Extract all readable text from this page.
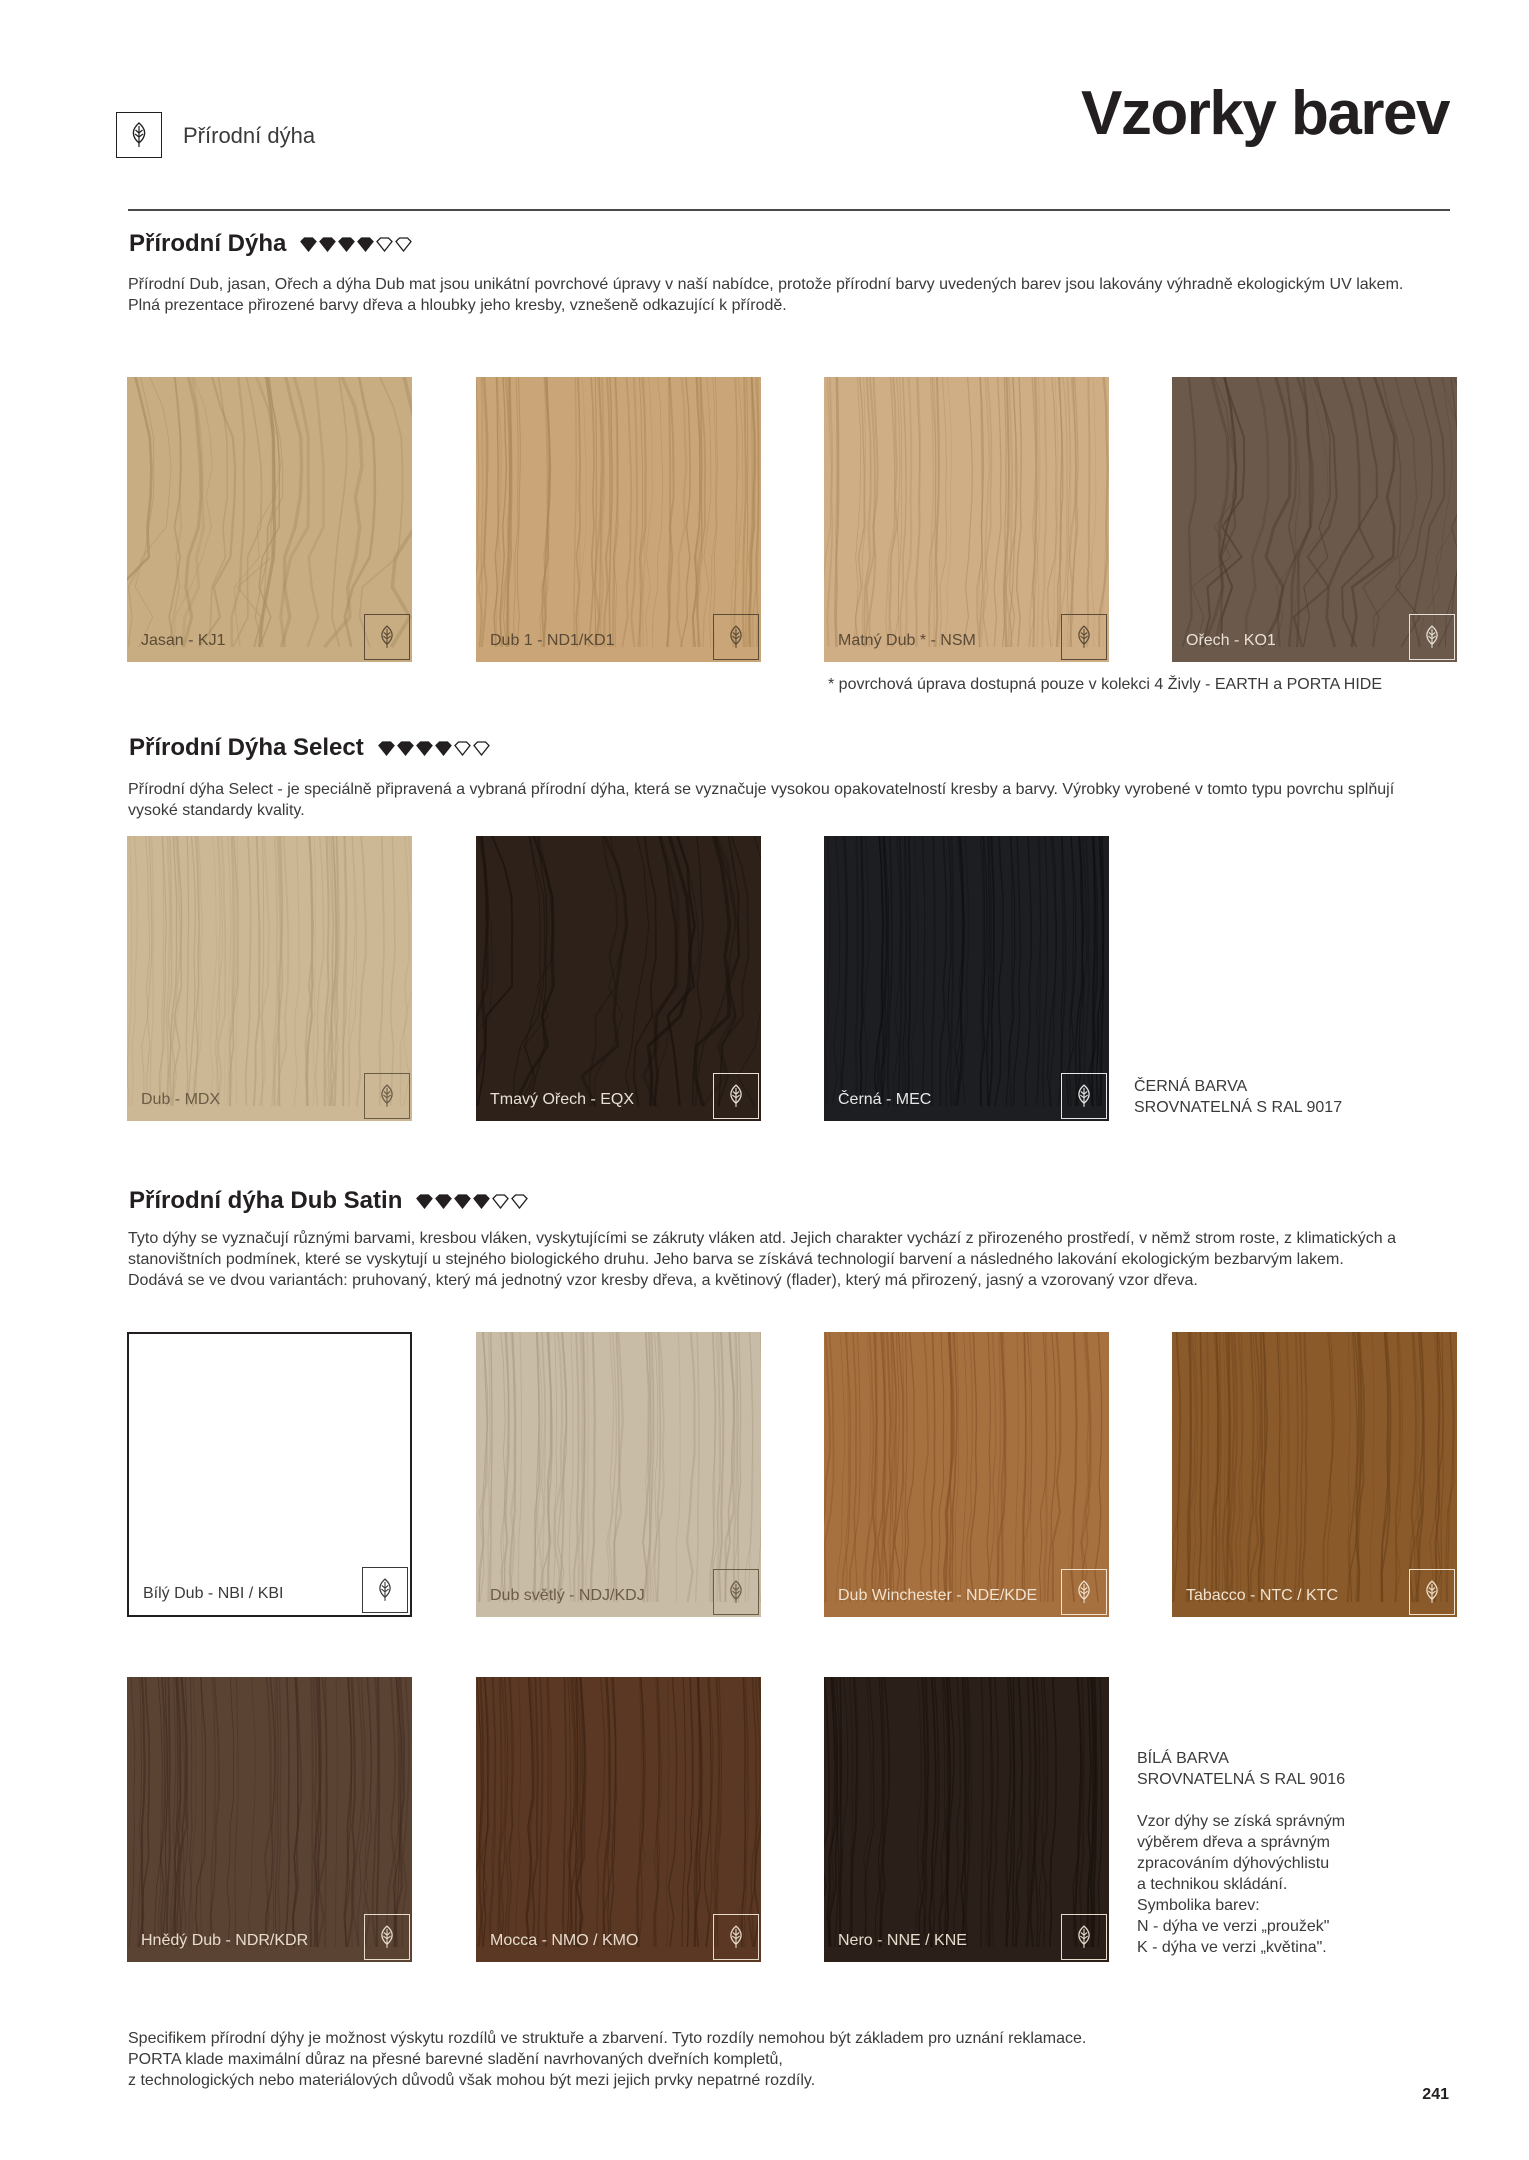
Přírodní dýha	Vzorky barev
Přírodní Dýha
Přírodní Dub, jasan, Ořech a dýha Dub mat jsou unikátní povrchové úpravy v naší nabídce, protože přírodní barvy uvedených barev jsou lakovány výhradně ekologickým UV lakem.
Plná prezentace přirozené barvy dřeva a hloubky jeho kresby, vznešeně odkazující k přírodě.
Jasan - KJ1	Dub 1 - ND1/KD1	Matný Dub * - NSM	Ořech - KO1
* povrchová úprava dostupná pouze v kolekci 4 Živly - EARTH a PORTA HIDE
Přírodní Dýha Select
Přírodní dýha Select - je speciálně připravená a vybraná přírodní dýha, která se vyznačuje vysokou opakovatelností kresby a barvy. Výrobky vyrobené v tomto typu povrchu splňují vysoké standardy kvality.
Dub - MDX	Tmavý Ořech - EQX	Černá - MEC
ČERNÁ BARVA
SROVNATELNÁ S RAL 9017
Přírodní dýha Dub Satin
Tyto dýhy se vyznačují různými barvami, kresbou vláken, vyskytujícími se zákruty vláken atd. Jejich charakter vychází z přirozeného prostředí, v němž strom roste, z klimatických a stanovištních podmínek, které se vyskytují u stejného biologického druhu. Jeho barva se získává technologií barvení a následného lakování ekologickým bezbarvým lakem.
Dodává se ve dvou variantách: pruhovaný, který má jednotný vzor kresby dřeva, a květinový (flader), který má přirozený, jasný a vzorovaný vzor dřeva.
Bílý Dub - NBI / KBI	Dub světlý - NDJ/KDJ	Dub Winchester - NDE/KDE	Tabacco - NTC / KTC
Hnědý Dub - NDR/KDR	Mocca - NMO / KMO	Nero - NNE / KNE
BÍLÁ BARVA
SROVNATELNÁ S RAL 9016

Vzor dýhy se získá správným
výběrem dřeva a správným
zpracováním dýhovýchlistu
a technikou skládání.
Symbolika barev:
N - dýha ve verzi „proužek"
K - dýha ve verzi „květina".
Specifikem přírodní dýhy je možnost výskytu rozdílů ve struktuře a zbarvení. Tyto rozdíly nemohou být základem pro uznání reklamace.
PORTA klade maximální důraz na přesné barevné sladění navrhovaných dveřních kompletů,
z technologických nebo materiálových důvodů však mohou být mezi jejich prvky nepatrné rozdíly.
241
